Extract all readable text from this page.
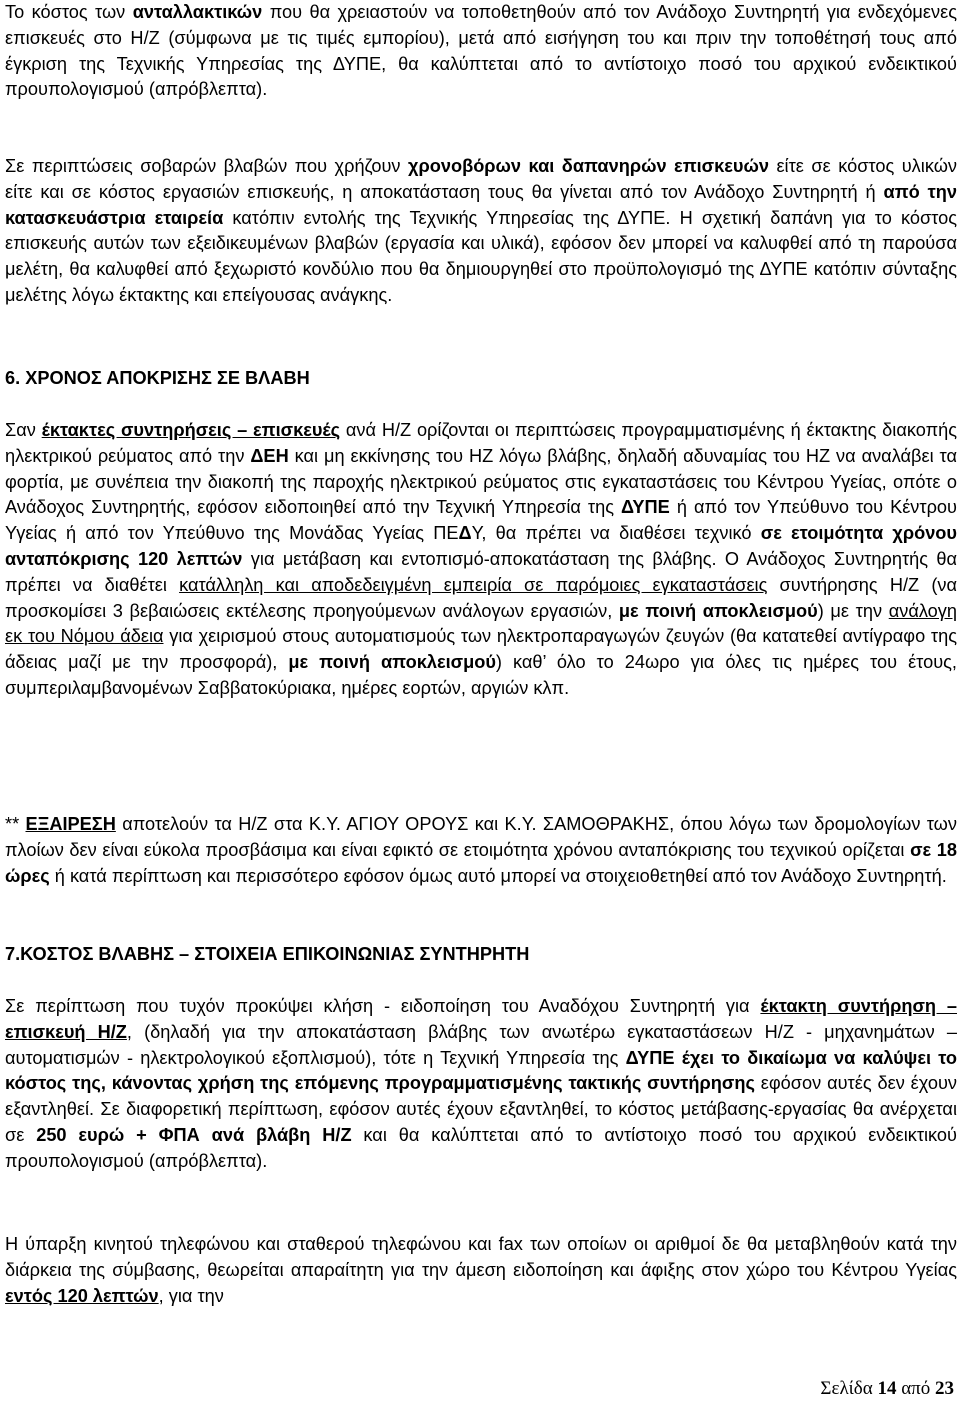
Το κόστος των ανταλλακτικών που θα χρειαστούν να τοποθετηθούν από τον Ανάδοχο Συντηρητή για ενδεχόμενες επισκευές στο Η/Ζ (σύμφωνα με τις τιμές εμπορίου), μετά από εισήγηση του και πριν την τοποθέτησή τους από έγκριση της Τεχνικής Υπηρεσίας της ΔΥΠΕ, θα καλύπτεται από το αντίστοιχο ποσό του αρχικού ενδεικτικού προυπολογισμού (απρόβλεπτα).

Σε περιπτώσεις σοβαρών βλαβών που χρήζουν χρονοβόρων και δαπανηρών επισκευών είτε σε κόστος υλικών είτε και σε κόστος εργασιών επισκευής, η αποκατάσταση τους θα γίνεται από τον Ανάδοχο Συντηρητή ή από την κατασκευάστρια εταιρεία κατόπιν εντολής της Τεχνικής Υπηρεσίας της ΔΥΠΕ. Η σχετική δαπάνη για το κόστος επισκευής αυτών των εξειδικευμένων βλαβών (εργασία και υλικά), εφόσον δεν μπορεί να καλυφθεί από τη παρούσα μελέτη, θα καλυφθεί από ξεχωριστό κονδύλιο που θα δημιουργηθεί στο προϋπολογισμό της ΔΥΠΕ κατόπιν σύνταξης μελέτης λόγω έκτακτης και επείγουσας ανάγκης.

6. ΧΡΟΝΟΣ ΑΠΟΚΡΙΣΗΣ ΣΕ ΒΛΑΒΗ

Σαν έκτακτες συντηρήσεις – επισκευές ανά Η/Ζ ορίζονται οι περιπτώσεις προγραμματισμένης ή έκτακτης διακοπής ηλεκτρικού ρεύματος από την ΔΕΗ και μη εκκίνησης του ΗΖ λόγω βλάβης, δηλαδή αδυναμίας του ΗΖ να αναλάβει τα φορτία, με συνέπεια την διακοπή της παροχής ηλεκτρικού ρεύματος στις εγκαταστάσεις του Κέντρου Υγείας, οπότε ο Ανάδοχος Συντηρητής, εφόσον ειδοποιηθεί από την Τεχνική Υπηρεσία της ΔΥΠΕ ή από τον Υπεύθυνο του Κέντρου Υγείας ή από τον Υπεύθυνο της Μονάδας Υγείας ΠΕΔΥ, θα πρέπει να διαθέσει τεχνικό σε ετοιμότητα χρόνου ανταπόκρισης 120 λεπτών για μετάβαση και εντοπισμό-αποκατάσταση της βλάβης. Ο Ανάδοχος Συντηρητής θα πρέπει να διαθέτει κατάλληλη και αποδεδειγμένη εμπειρία σε παρόμοιες εγκαταστάσεις συντήρησης Η/Ζ (να προσκομίσει 3 βεβαιώσεις εκτέλεσης προηγούμενων ανάλογων εργασιών, με ποινή αποκλεισμού) με την ανάλογη εκ του Νόμου άδεια για χειρισμού στους αυτοματισμούς των ηλεκτροπαραγωγών ζευγών (θα κατατεθεί αντίγραφο της άδειας μαζί με την προσφορά), με ποινή αποκλεισμού) καθ’ όλο το 24ωρο για όλες τις ημέρες του έτους, συμπεριλαμβανομένων Σαββατοκύριακα, ημέρες εορτών, αργιών κλπ.

** ΕΞΑΙΡΕΣΗ αποτελούν τα Η/Ζ στα Κ.Υ. ΑΓΙΟΥ ΟΡΟΥΣ και Κ.Υ. ΣΑΜΟΘΡΑΚΗΣ, όπου λόγω των δρομολογίων των πλοίων δεν είναι εύκολα προσβάσιμα και είναι εφικτό σε ετοιμότητα χρόνου ανταπόκρισης του τεχνικού ορίζεται σε 18 ώρες ή κατά περίπτωση και περισσότερο εφόσον όμως αυτό μπορεί να στοιχειοθετηθεί από τον Ανάδοχο Συντηρητή.

7.ΚΟΣΤΟΣ ΒΛΑΒΗΣ – ΣΤΟΙΧΕΙΑ ΕΠΙΚΟΙΝΩΝΙΑΣ ΣΥΝΤΗΡΗΤΗ

Σε περίπτωση που τυχόν προκύψει κλήση - ειδοποίηση του Αναδόχου Συντηρητή για έκτακτη συντήρηση – επισκευή Η/Ζ, (δηλαδή για την αποκατάσταση βλάβης των ανωτέρω εγκαταστάσεων Η/Ζ - μηχανημάτων – αυτοματισμών - ηλεκτρολογικού εξοπλισμού), τότε η Τεχνική Υπηρεσία της ΔΥΠΕ έχει το δικαίωμα να καλύψει το κόστος της, κάνοντας χρήση της επόμενης προγραμματισμένης τακτικής συντήρησης εφόσον αυτές δεν έχουν εξαντληθεί. Σε διαφορετική περίπτωση, εφόσον αυτές έχουν εξαντληθεί, το κόστος μετάβασης-εργασίας θα ανέρχεται σε 250 ευρώ + ΦΠΑ ανά βλάβη Η/Ζ και θα καλύπτεται από το αντίστοιχο ποσό του αρχικού ενδεικτικού προυπολογισμού (απρόβλεπτα).

Η ύπαρξη κινητού τηλεφώνου και σταθερού τηλεφώνου και fax των οποίων οι αριθμοί δε θα μεταβληθούν κατά την διάρκεια της σύμβασης, θεωρείται απαραίτητη για την άμεση ειδοποίηση και άφιξης στον χώρο του Κέντρου Υγείας εντός 120 λεπτών, για την

Σελίδα 14 από 23
